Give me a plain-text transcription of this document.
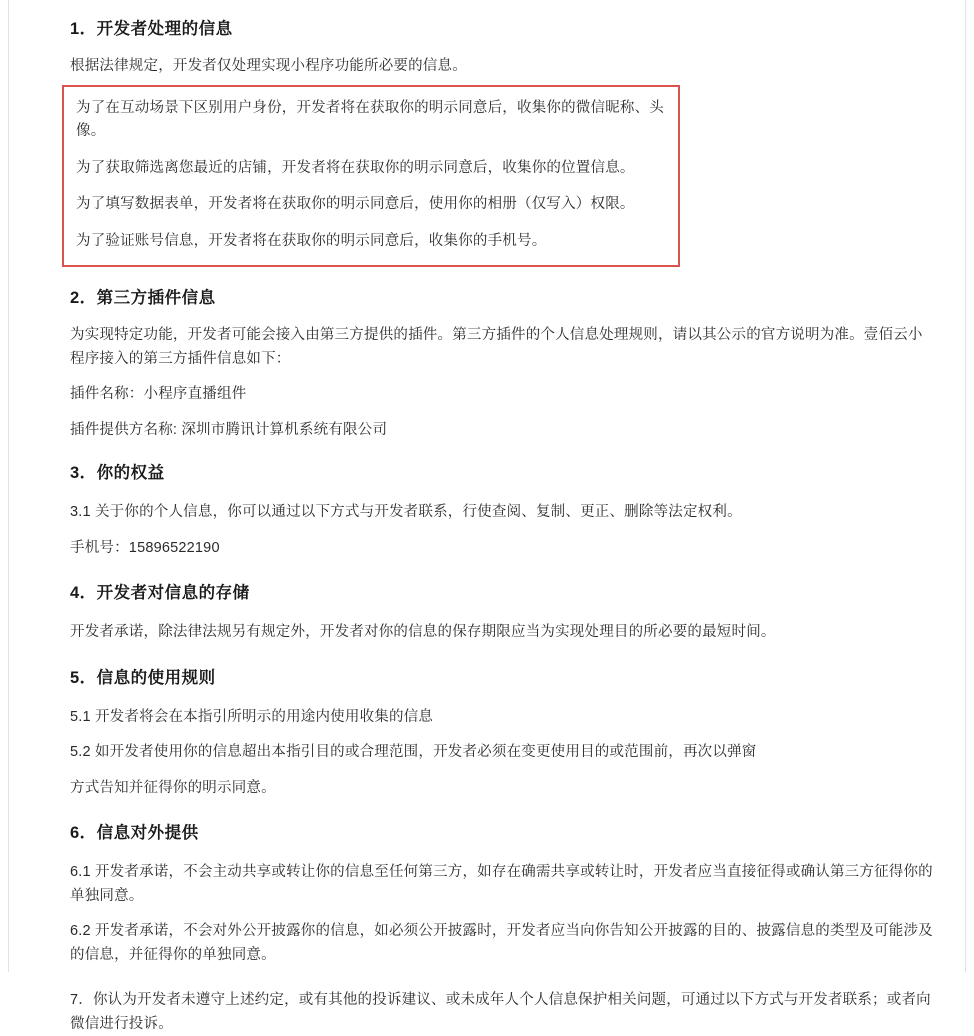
1．开发者处理的信息

根据法律规定，开发者仅处理实现小程序功能所必要的信息。

为了在互动场景下区别用户身份，开发者将在获取你的明示同意后，收集你的微信昵称、头像。

为了获取筛选离您最近的店铺，开发者将在获取你的明示同意后，收集你的位置信息。

为了填写数据表单，开发者将在获取你的明示同意后，使用你的相册（仅写入）权限。

为了验证账号信息，开发者将在获取你的明示同意后，收集你的手机号。

2．第三方插件信息

为实现特定功能，开发者可能会接入由第三方提供的插件。第三方插件的个人信息处理规则，请以其公示的官方说明为准。壹佰云小程序接入的第三方插件信息如下：

插件名称：小程序直播组件

插件提供方名称: 深圳市腾讯计算机系统有限公司

3．你的权益

3.1 关于你的个人信息，你可以通过以下方式与开发者联系，行使查阅、复制、更正、删除等法定权利。

手机号：15896522190

4．开发者对信息的存储

开发者承诺，除法律法规另有规定外，开发者对你的信息的保存期限应当为实现处理目的所必要的最短时间。

5．信息的使用规则

5.1 开发者将会在本指引所明示的用途内使用收集的信息

5.2 如开发者使用你的信息超出本指引目的或合理范围，开发者必须在变更使用目的或范围前，再次以弹窗

方式告知并征得你的明示同意。

6．信息对外提供

6.1 开发者承诺，不会主动共享或转让你的信息至任何第三方，如存在确需共享或转让时，开发者应当直接征得或确认第三方征得你的单独同意。

6.2 开发者承诺，不会对外公开披露你的信息，如必须公开披露时，开发者应当向你告知公开披露的目的、披露信息的类型及可能涉及的信息，并征得你的单独同意。

7．你认为开发者未遵守上述约定，或有其他的投诉建议、或未成年人个人信息保护相关问题，可通过以下方式与开发者联系；或者向微信进行投诉。
